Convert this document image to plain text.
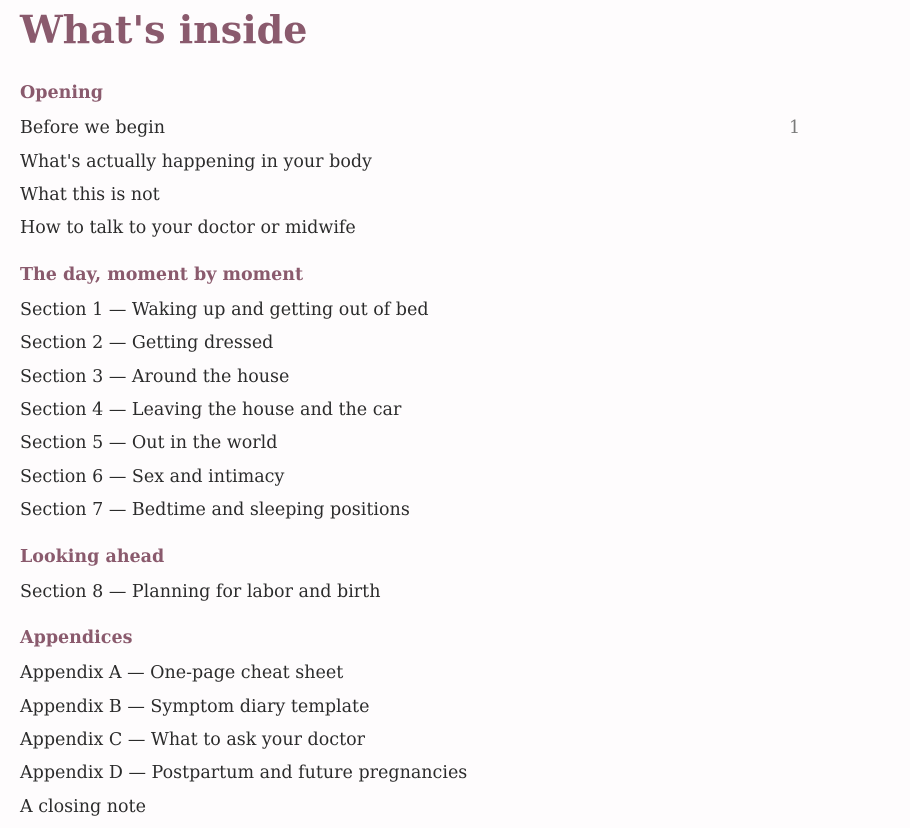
What's inside
Opening
Before we begin	1
What's actually happening in your body
What this is not
How to talk to your doctor or midwife
The day, moment by moment
Section 1 — Waking up and getting out of bed
Section 2 — Getting dressed
Section 3 — Around the house
Section 4 — Leaving the house and the car
Section 5 — Out in the world
Section 6 — Sex and intimacy
Section 7 — Bedtime and sleeping positions
Looking ahead
Section 8 — Planning for labor and birth
Appendices
Appendix A — One-page cheat sheet
Appendix B — Symptom diary template
Appendix C — What to ask your doctor
Appendix D — Postpartum and future pregnancies
A closing note
